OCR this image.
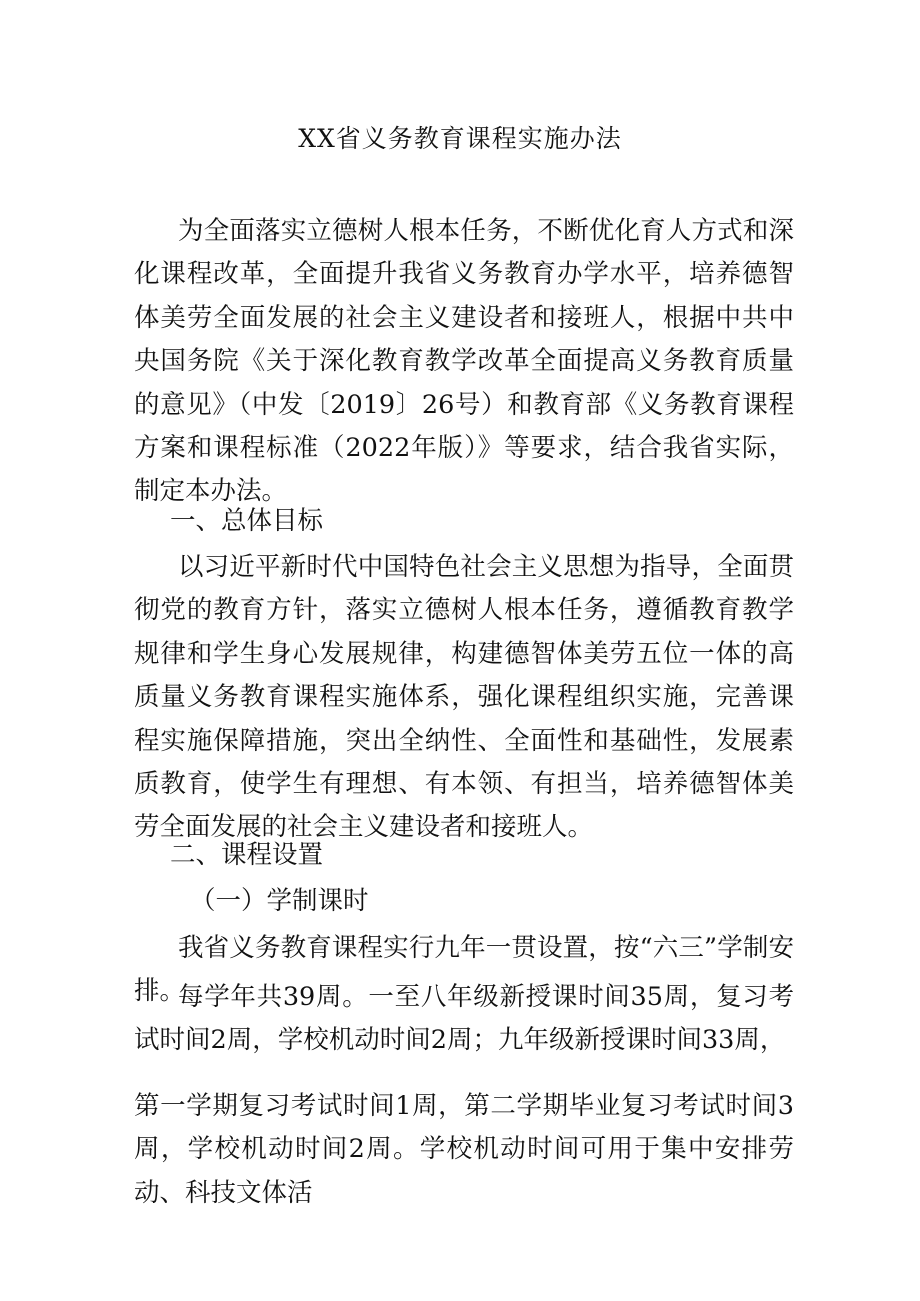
XX省义务教育课程实施办法

为全面落实立德树人根本任务，不断优化育人方式和深化课程改革，全面提升我省义务教育办学水平，培养德智体美劳全面发展的社会主义建设者和接班人，根据中共中央国务院《关于深化教育教学改革全面提高义务教育质量的意见》（中发〔2019〕26号）和教育部《义务教育课程方案和课程标准（2022年版）》等要求，结合我省实际，制定本办法。

一、总体目标

以习近平新时代中国特色社会主义思想为指导，全面贯彻党的教育方针，落实立德树人根本任务，遵循教育教学规律和学生身心发展规律，构建德智体美劳五位一体的高质量义务教育课程实施体系，强化课程组织实施，完善课程实施保障措施，突出全纳性、全面性和基础性，发展素质教育，使学生有理想、有本领、有担当，培养德智体美劳全面发展的社会主义建设者和接班人。

二、课程设置

（一）学制课时

我省义务教育课程实行九年一贯设置，按“六三”学制安排。

每学年共39周。一至八年级新授课时间35周，复习考试时间2周，学校机动时间2周；九年级新授课时间33周，

第一学期复习考试时间1周，第二学期毕业复习考试时间3周，学校机动时间2周。学校机动时间可用于集中安排劳动、科技文体活
